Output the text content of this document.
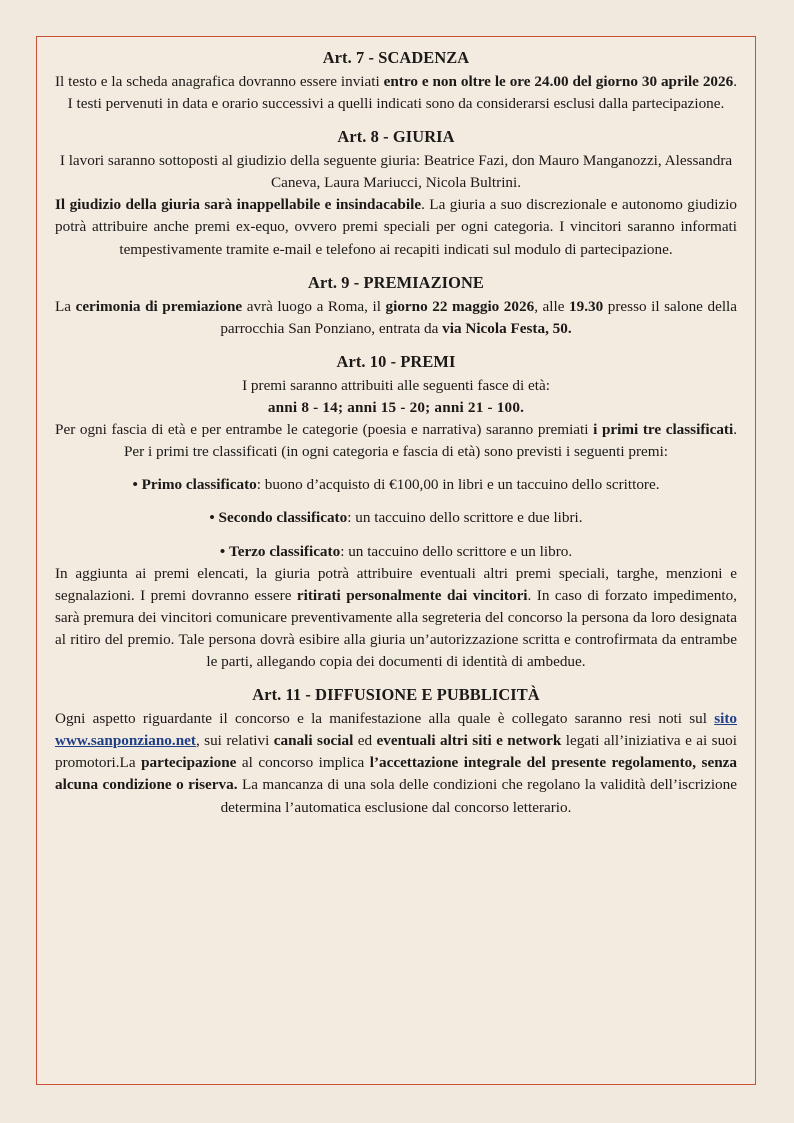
Art. 7 - SCADENZA

Il testo e la scheda anagrafica dovranno essere inviati entro e non oltre le ore 24.00 del giorno 30 aprile 2026. I testi pervenuti in data e orario successivi a quelli indicati sono da considerarsi esclusi dalla partecipazione.

Art. 8 - GIURIA

I lavori saranno sottoposti al giudizio della seguente giuria: Beatrice Fazi, don Mauro Manganozzi, Alessandra Caneva, Laura Mariucci, Nicola Bultrini.

Il giudizio della giuria sarà inappellabile e insindacabile. La giuria a suo discrezionale e autonomo giudizio potrà attribuire anche premi ex-equo, ovvero premi speciali per ogni categoria. I vincitori saranno informati tempestivamente tramite e-mail e telefono ai recapiti indicati sul modulo di partecipazione.

Art. 9 - PREMIAZIONE

La cerimonia di premiazione avrà luogo a Roma, il giorno 22 maggio 2026, alle 19.30 presso il salone della parrocchia San Ponziano, entrata da via Nicola Festa, 50.

Art. 10 - PREMI

I premi saranno attribuiti alle seguenti fasce di età:

anni 8 - 14; anni 15 - 20; anni 21 - 100.

Per ogni fascia di età e per entrambe le categorie (poesia e narrativa) saranno premiati i primi tre classificati. Per i primi tre classificati (in ogni categoria e fascia di età) sono previsti i seguenti premi:

• Primo classificato: buono d’acquisto di €100,00 in libri e un taccuino dello scrittore.

• Secondo classificato: un taccuino dello scrittore e due libri.

• Terzo classificato: un taccuino dello scrittore e un libro.

In aggiunta ai premi elencati, la giuria potrà attribuire eventuali altri premi speciali, targhe, menzioni e segnalazioni. I premi dovranno essere ritirati personalmente dai vincitori. In caso di forzato impedimento, sarà premura dei vincitori comunicare preventivamente alla segreteria del concorso la persona da loro designata al ritiro del premio. Tale persona dovrà esibire alla giuria un’autorizzazione scritta e controfirmata da entrambe le parti, allegando copia dei documenti di identità di ambedue.

Art. 11 - DIFFUSIONE E PUBBLICITÀ

Ogni aspetto riguardante il concorso e la manifestazione alla quale è collegato saranno resi noti sul sito www.sanponziano.net, sui relativi canali social ed eventuali altri siti e network legati all’iniziativa e ai suoi promotori.La partecipazione al concorso implica l’accettazione integrale del presente regolamento, senza alcuna condizione o riserva. La mancanza di una sola delle condizioni che regolano la validità dell’iscrizione determina l’automatica esclusione dal concorso letterario.
